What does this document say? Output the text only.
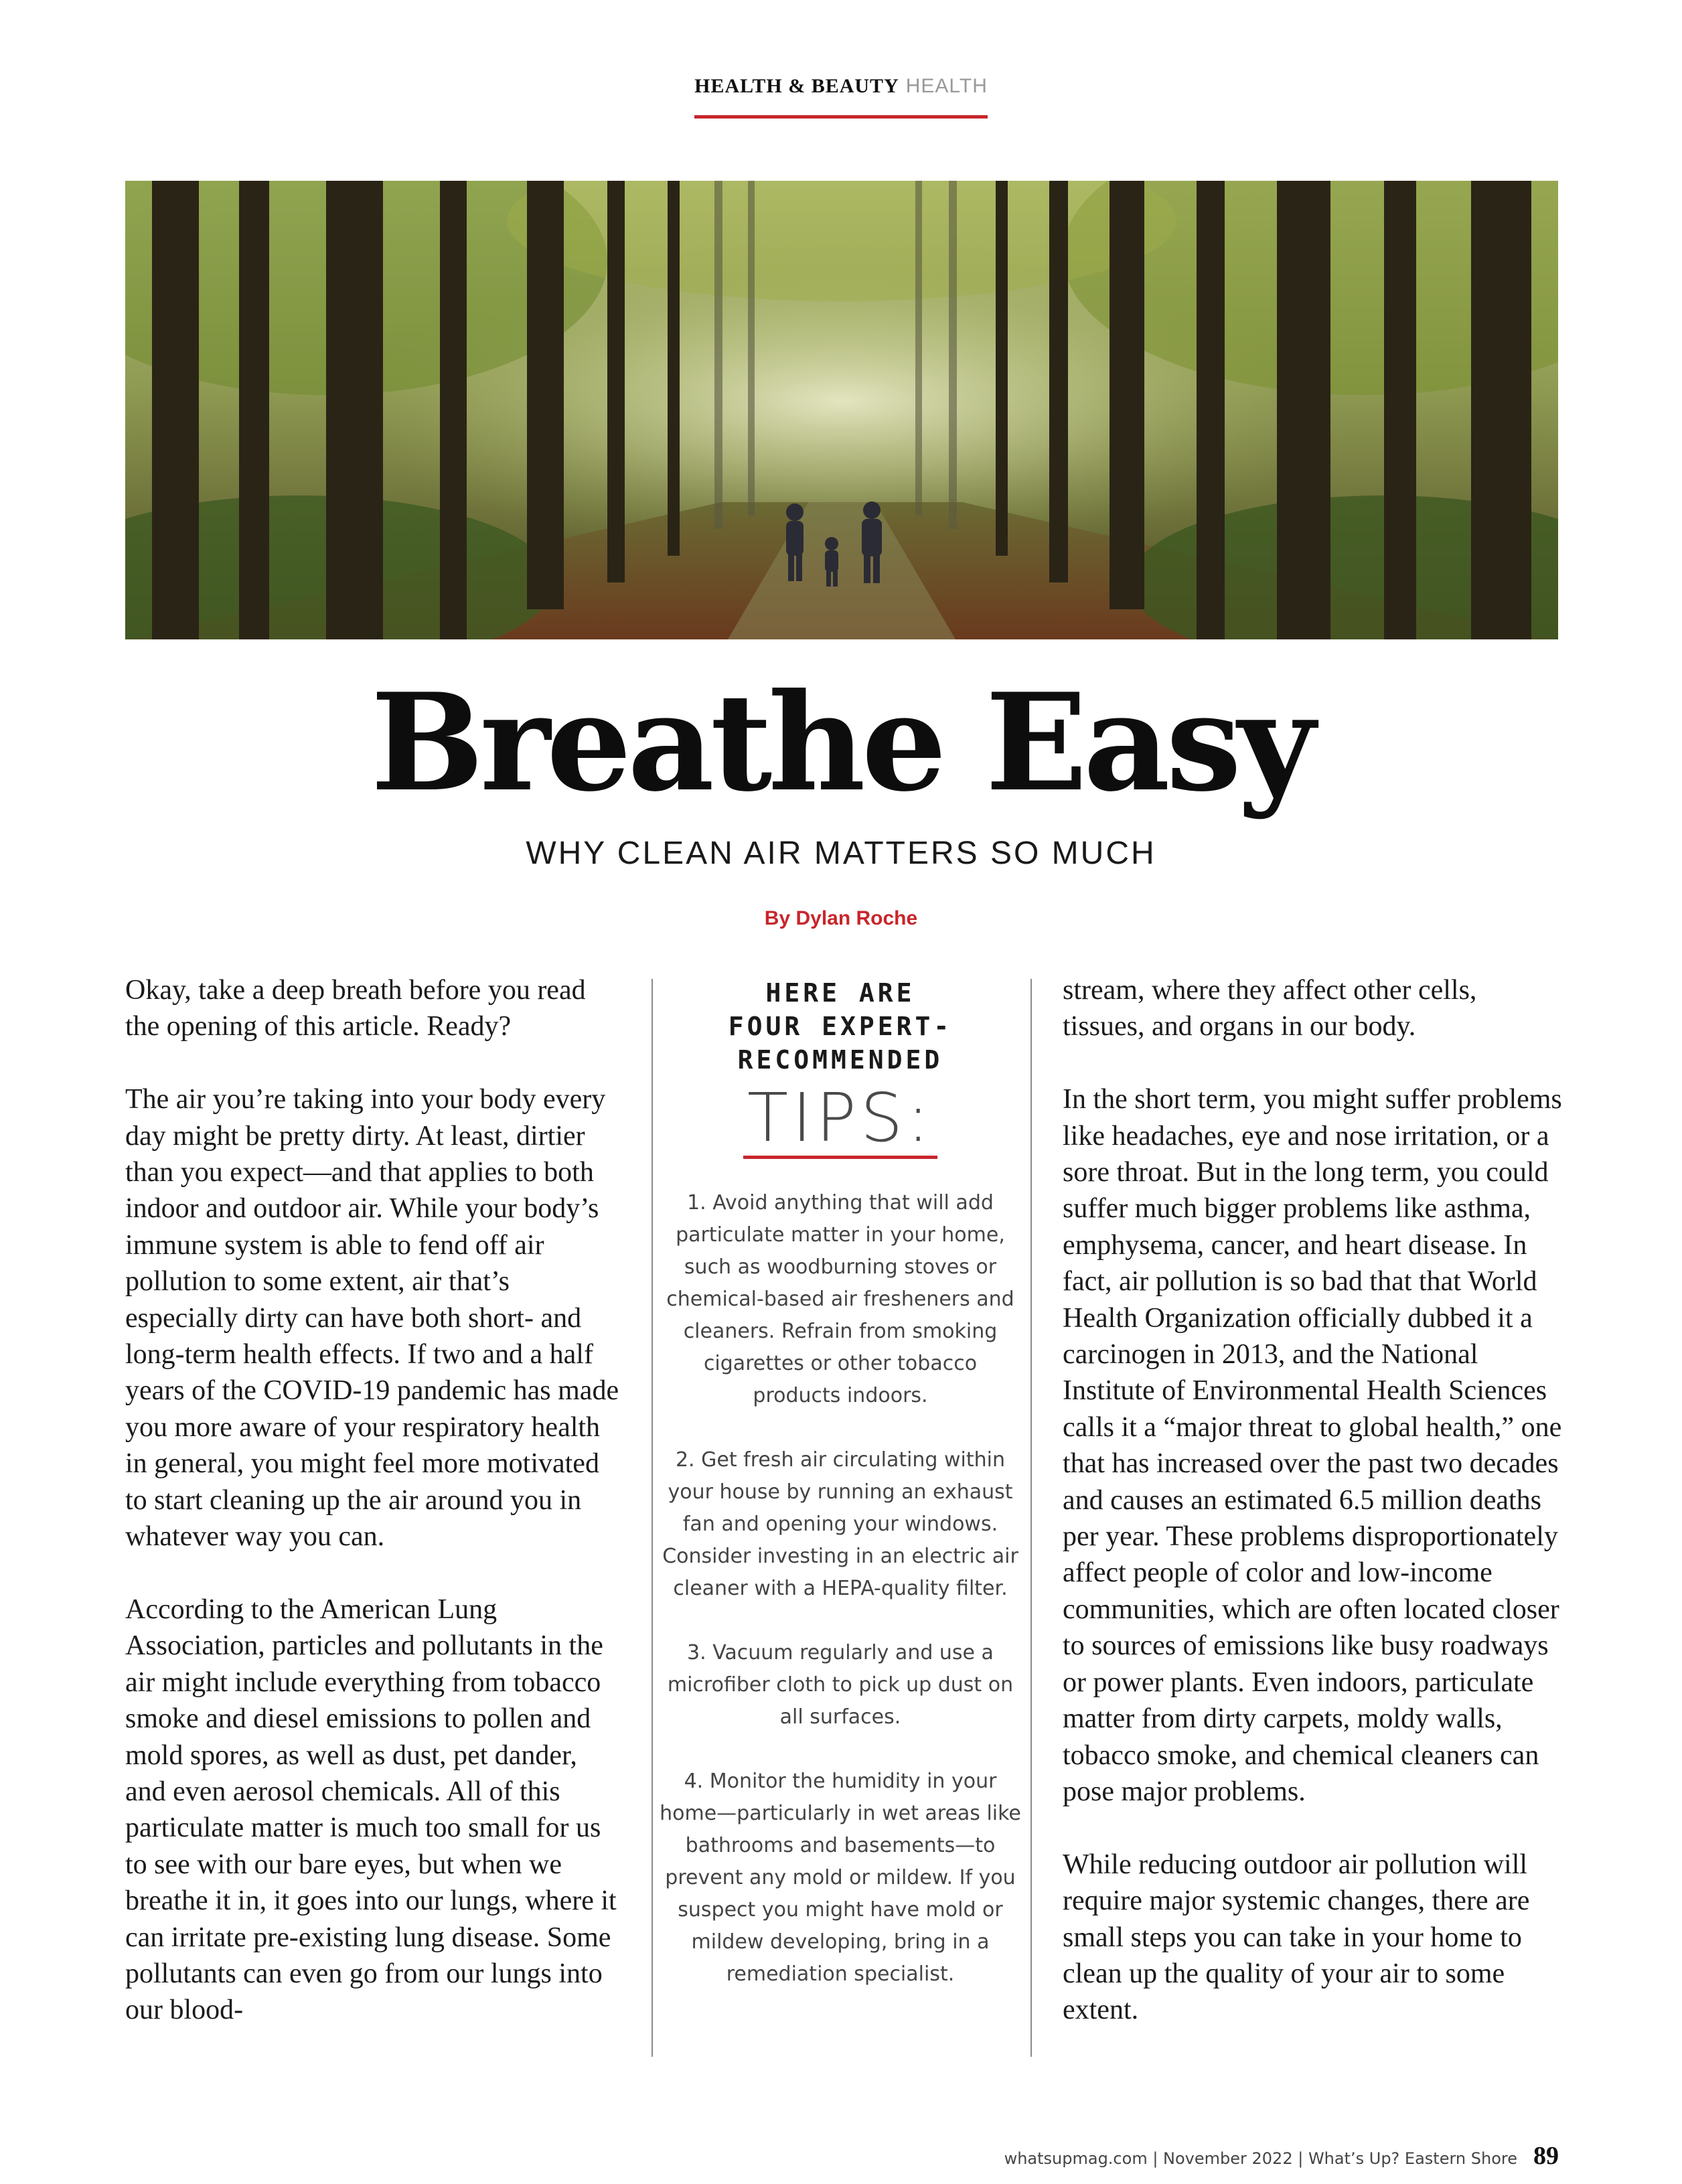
HEALTH & BEAUTY HEALTH
Breathe Easy
WHY CLEAN AIR MATTERS SO MUCH
By Dylan Roche

Okay, take a deep breath before you read the opening of this article. Ready?

The air you’re taking into your body every day might be pretty dirty. At least, dirtier than you expect—and that applies to both indoor and outdoor air. While your body’s immune system is able to fend off air pollution to some extent, air that’s especially dirty can have both short- and long-term health effects. If two and a half years of the COVID-19 pandemic has made you more aware of your respiratory health in general, you might feel more motivated to start cleaning up the air around you in whatever way you can.

According to the American Lung Association, particles and pollutants in the air might include everything from tobacco smoke and diesel emissions to pollen and mold spores, as well as dust, pet dander, and even aerosol chemicals. All of this particulate matter is much too small for us to see with our bare eyes, but when we breathe it in, it goes into our lungs, where it can irritate pre-existing lung disease. Some pollutants can even go from our lungs into our blood-

HERE ARE
FOUR EXPERT-
RECOMMENDED
TIPS:

1. Avoid anything that will add particulate matter in your home, such as woodburning stoves or chemical-based air fresheners and cleaners. Refrain from smoking cigarettes or other tobacco products indoors.

2. Get fresh air circulating within your house by running an exhaust fan and opening your windows. Consider investing in an electric air cleaner with a HEPA-quality filter.

3. Vacuum regularly and use a microfiber cloth to pick up dust on all surfaces.

4. Monitor the humidity in your home—particularly in wet areas like bathrooms and basements—to prevent any mold or mildew. If you suspect you might have mold or mildew developing, bring in a remediation specialist.

stream, where they affect other cells, tissues, and organs in our body.

In the short term, you might suffer problems like headaches, eye and nose irritation, or a sore throat. But in the long term, you could suffer much bigger problems like asthma, emphysema, cancer, and heart disease. In fact, air pollution is so bad that that World Health Organization officially dubbed it a carcinogen in 2013, and the National Institute of Environmental Health Sciences calls it a “major threat to global health,” one that has increased over the past two decades and causes an estimated 6.5 million deaths per year. These problems disproportionately affect people of color and low-income communities, which are often located closer to sources of emissions like busy roadways or power plants. Even indoors, particulate matter from dirty carpets, moldy walls, tobacco smoke, and chemical cleaners can pose major problems.

While reducing outdoor air pollution will require major systemic changes, there are small steps you can take in your home to clean up the quality of your air to some extent.

whatsupmag.com | November 2022 | What’s Up? Eastern Shore 89
